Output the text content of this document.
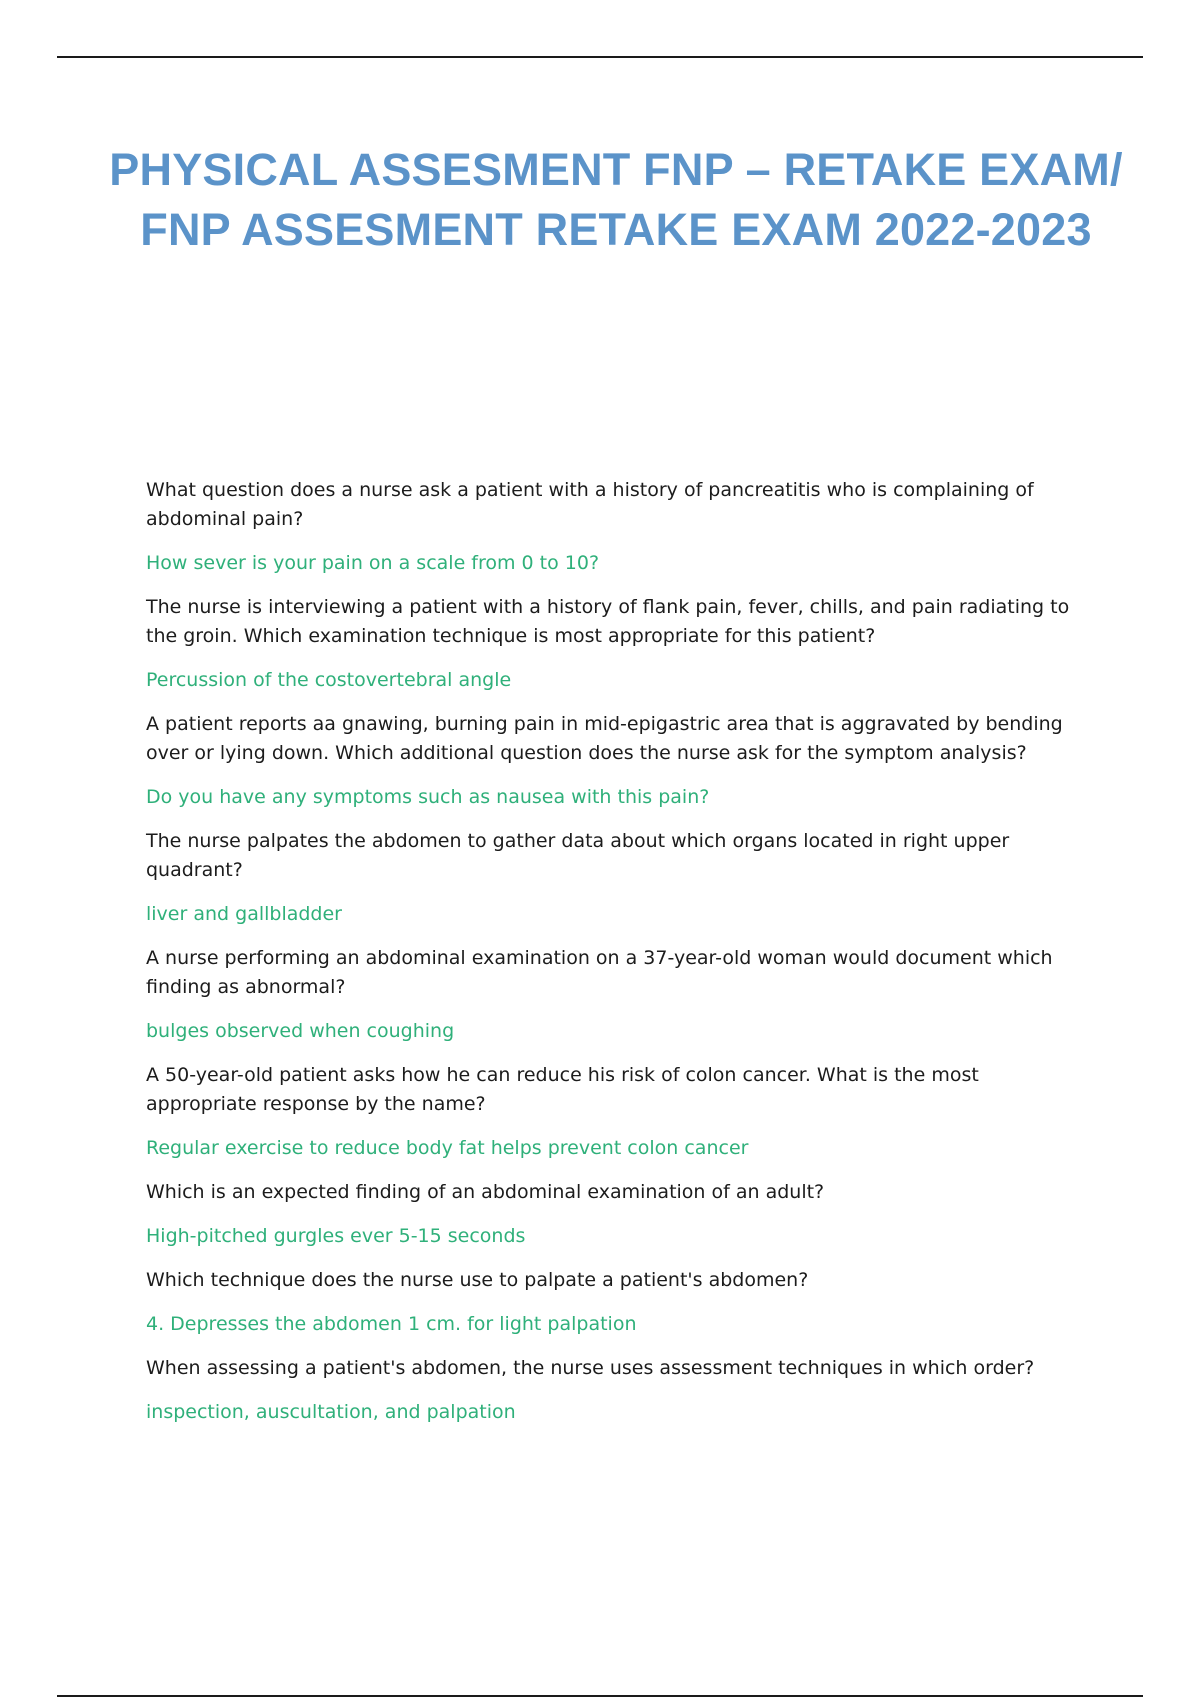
PHYSICAL ASSESMENT FNP – RETAKE EXAM/ FNP ASSESMENT RETAKE EXAM 2022-2023

What question does a nurse ask a patient with a history of pancreatitis who is complaining of abdominal pain?

How sever is your pain on a scale from 0 to 10?

The nurse is interviewing a patient with a history of flank pain, fever, chills, and pain radiating to the groin. Which examination technique is most appropriate for this patient?

Percussion of the costovertebral angle

A patient reports aa gnawing, burning pain in mid-epigastric area that is aggravated by bending over or lying down. Which additional question does the nurse ask for the symptom analysis?

Do you have any symptoms such as nausea with this pain?

The nurse palpates the abdomen to gather data about which organs located in right upper quadrant?

liver and gallbladder

A nurse performing an abdominal examination on a 37-year-old woman would document which finding as abnormal?

bulges observed when coughing

A 50-year-old patient asks how he can reduce his risk of colon cancer. What is the most appropriate response by the name?

Regular exercise to reduce body fat helps prevent colon cancer

Which is an expected finding of an abdominal examination of an adult?

High-pitched gurgles ever 5-15 seconds

Which technique does the nurse use to palpate a patient's abdomen?

4. Depresses the abdomen 1 cm. for light palpation

When assessing a patient's abdomen, the nurse uses assessment techniques in which order?

inspection, auscultation, and palpation
